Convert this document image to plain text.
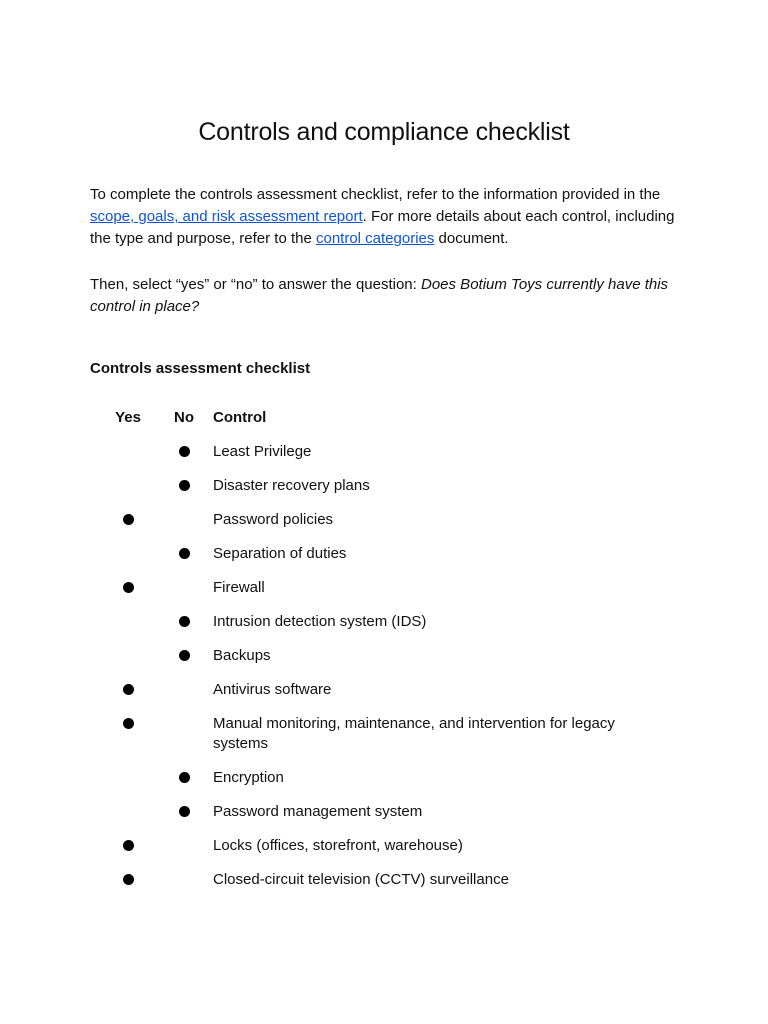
Controls and compliance checklist

To complete the controls assessment checklist, refer to the information provided in the scope, goals, and risk assessment report. For more details about each control, including the type and purpose, refer to the control categories document.

Then, select “yes” or “no” to answer the question: Does Botium Toys currently have this control in place?

Controls assessment checklist
Yes	No	Control
Least Privilege
Disaster recovery plans
Password policies
Separation of duties
Firewall
Intrusion detection system (IDS)
Backups
Antivirus software
Manual monitoring, maintenance, and intervention for legacy systems
Encryption
Password management system
Locks (offices, storefront, warehouse)
Closed-circuit television (CCTV) surveillance
